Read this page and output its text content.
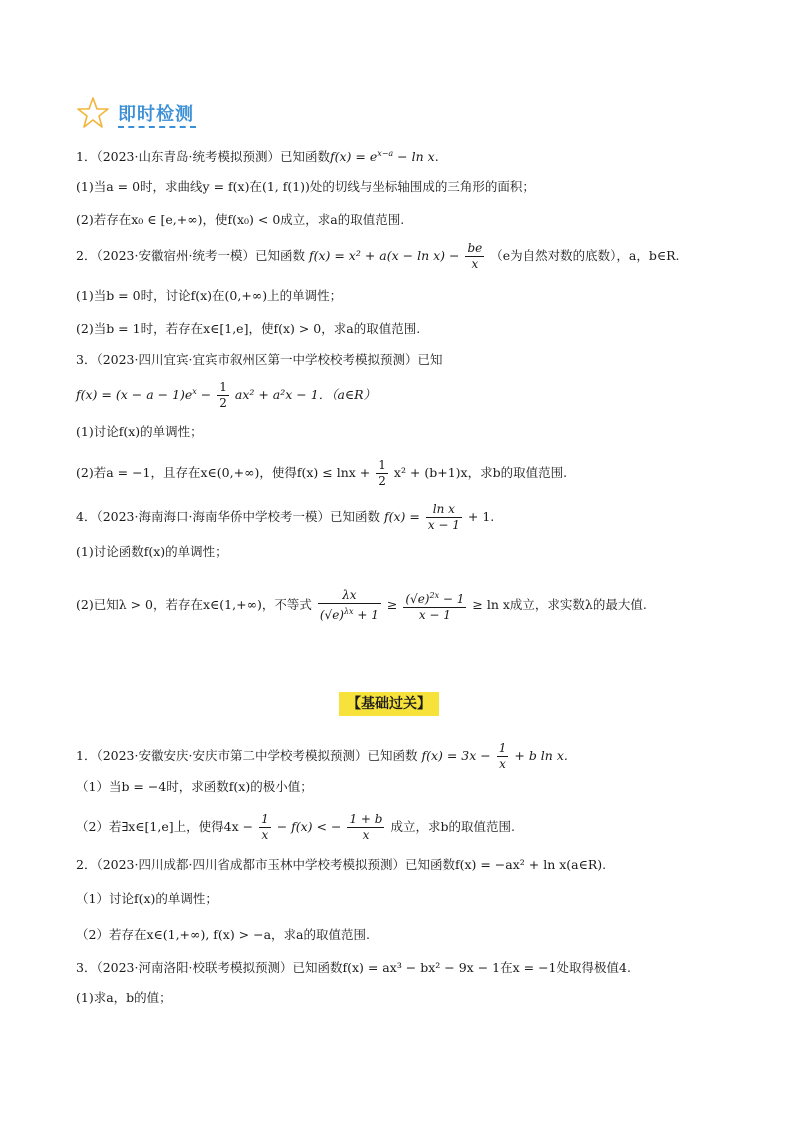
即时检测
1．（2023·山东青岛·统考模拟预测）已知函数$f(x) = e^{x-a} - \ln x$.
(1)当a = 0时，求曲线y = f(x)在(1, f(1))处的切线与坐标轴围成的三角形的面积；
(2)若存在x₀ ∈ [e,+∞)，使f(x₀) < 0成立，求a的取值范围.
2．（2023·安徽宿州·统考一模）已知函数 $f(x) = x^2 + a(x - \ln x) - \frac{be}{x} (e$为自然对数的底数），a，b∈R.
(1)当b = 0时，讨论f(x)在(0,+∞)上的单调性；
(2)当b = 1时，若存在x∈[1,e]，使f(x) > 0，求a的取值范围.
3．（2023·四川宜宾·宜宾市叙州区第一中学校校考模拟预测）已知
$f(x) = (x - a - 1)e^x - \frac{1}{2} ax^2 + a^2x - 1$．（a∈R）
(1)讨论f(x)的单调性；
(2)若a = −1，且存在x∈(0,+∞)，使得$f(x) \le \ln x + \frac{1}{2} x^2 + (b+1)x$，求b的取值范围.
4．（2023·海南海口·海南华侨中学校考一模）已知函数 $f(x) = \frac{\text{ln x}}{x - 1} + 1$.
(1)讨论函数f(x)的单调性；
(2)已知λ > 0，若存在x∈(1,+∞)，不等式 $\frac{\lambda x}{(√e)^{\lambda x} + 1} \ge \frac{(√e)^{2x} - 1}{x - 1} \ge \ln x$成立，求实数λ的最大值.
【基础过关】
1．（2023·安徽安庆·安庆市第二中学校考模拟预测）已知函数 $f(x) = 3x - \frac{1}{x} + b$ ln x.
（1）当b = −4时，求函数f(x)的极小值；
（2）若∃x∈[1,e]上，使得$4x - \frac{1}{x} - f(x)$ < − $\frac{1 + b}{x}$ 成立，求b的取值范围.
2．（2023·四川成都·四川省成都市玉林中学校考模拟预测）已知函数f(x) = −ax² + ln x(a∈R).
（1）讨论f(x)的单调性；
（2）若存在x∈(1,+∞), f(x) > −a，求a的取值范围.
3．（2023·河南洛阳·校联考模拟预测）已知函数f(x) = ax³ − bx² − 9x − 1在x = −1处取得极值4.
(1)求a，b的值；
